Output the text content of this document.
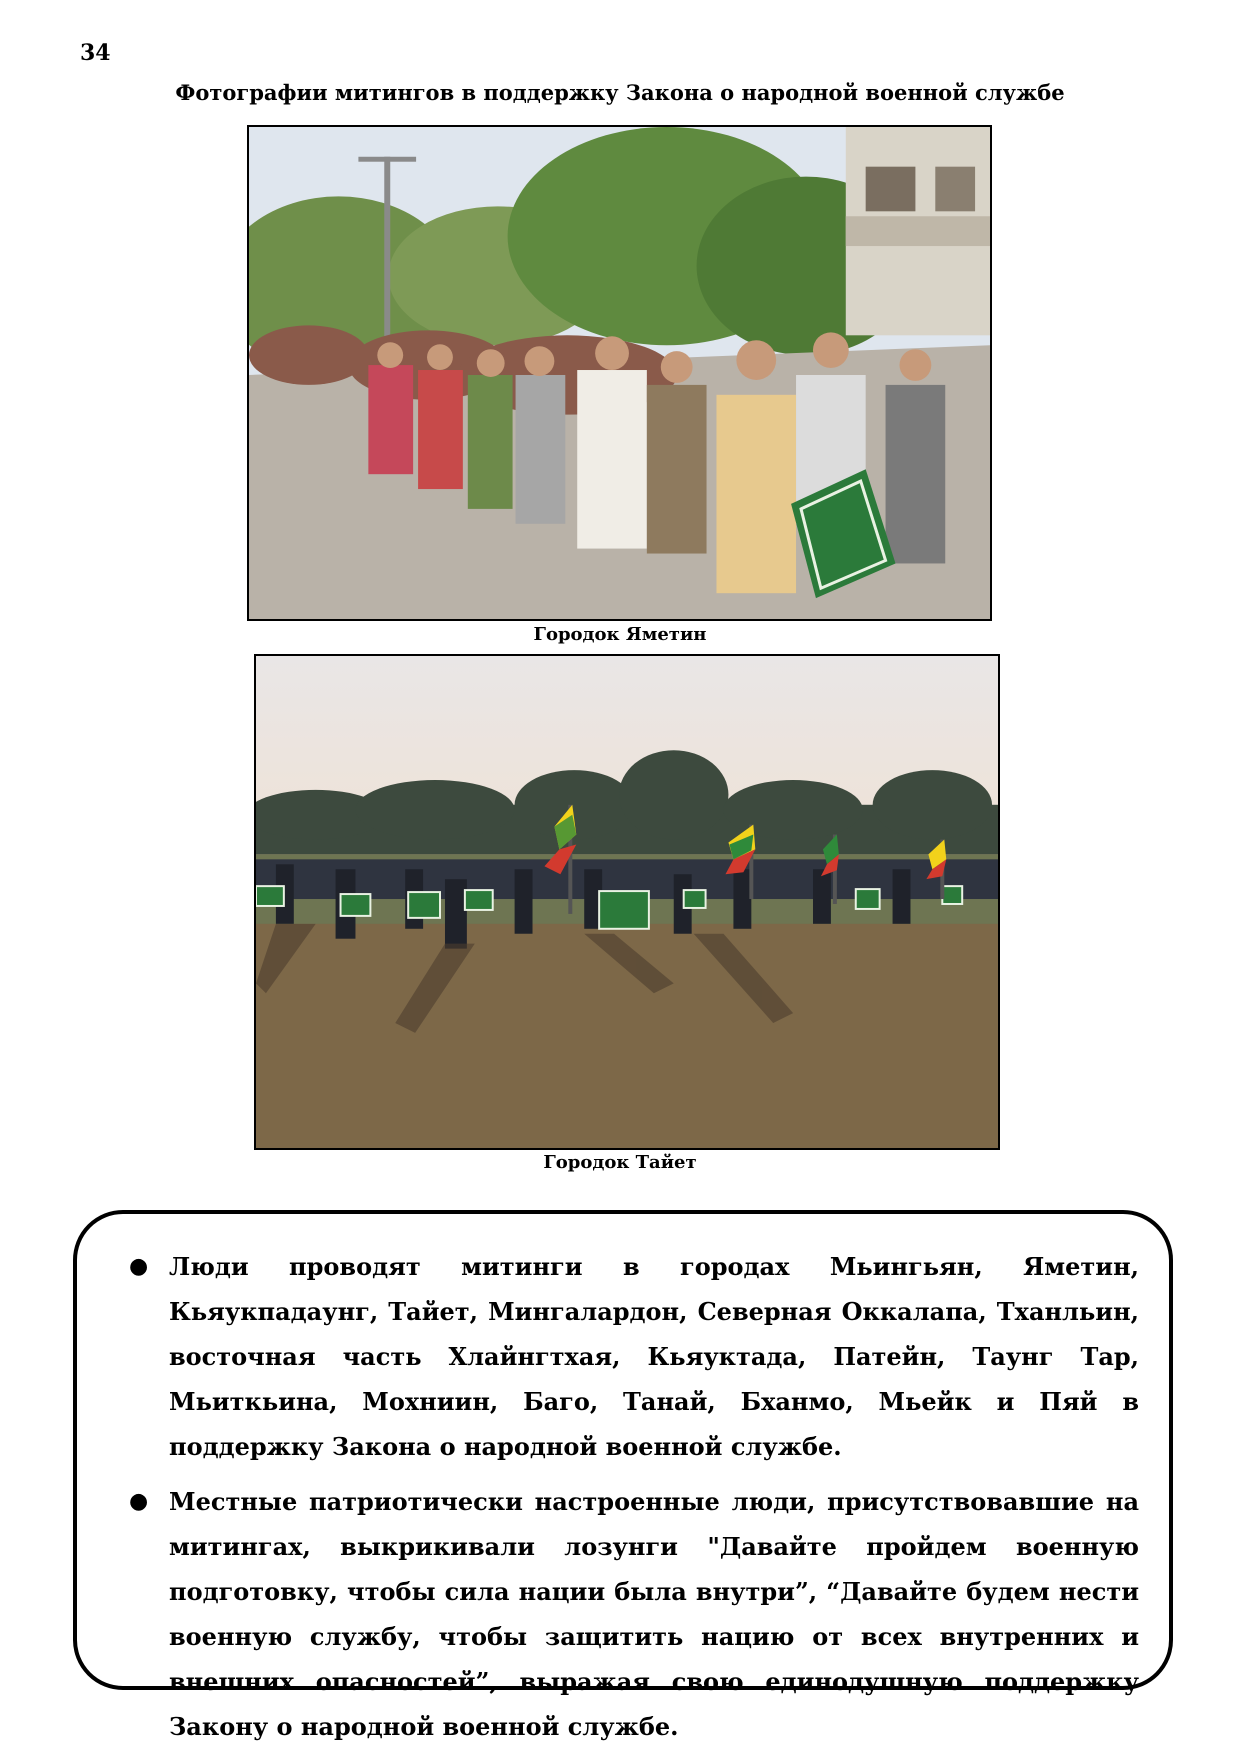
34
Фотографии митингов в поддержку Закона о народной военной службе
Городок Яметин
Городок Тайет
● Люди проводят митинги в городах Мьингьян, Яметин, Кьяукпадаунг, Тайет, Мингалардон, Северная Оккалапа, Тханльин, восточная часть Хлайнгтхая, Кьяуктада, Патейн, Таунг Тар, Мьиткьина, Мохниин, Баго, Танай, Бханмо, Мьейк и Пяй в поддержку Закона о народной военной службе.
● Местные патриотически настроенные люди, присутствовавшие на митингах, выкрикивали лозунги "Давайте пройдем военную подготовку, чтобы сила нации была внутри”, “Давайте будем нести военную службу, чтобы защитить нацию от всех внутренних и внешних опасностей”, выражая свою единодушную поддержку Закону о народной военной службе.
